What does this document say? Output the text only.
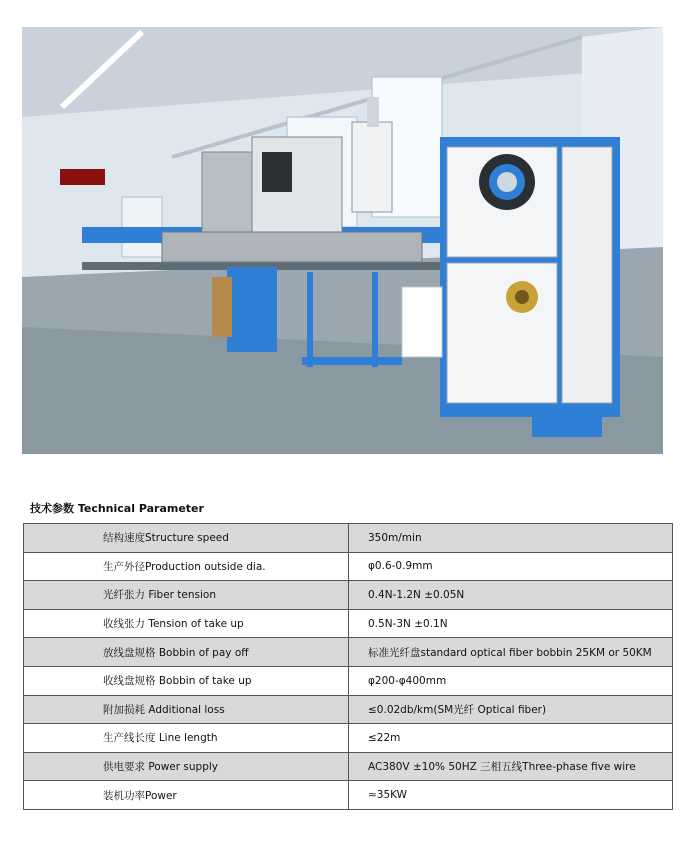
技术参数 Technical Parameter
结构速度Structure speed	350m/min
生产外径Production outside dia.	φ0.6-0.9mm
光纤张力 Fiber tension	0.4N-1.2N ±0.05N
收线张力 Tension of take up	0.5N-3N ±0.1N
放线盘规格 Bobbin of pay off	标准光纤盘standard optical fiber bobbin 25KM or 50KM
收线盘规格 Bobbin of take up	φ200-φ400mm
附加损耗 Additional loss	≤0.02db/km(SM光纤 Optical fiber)
生产线长度 Line length	≤22m
供电要求 Power supply	AC380V ±10% 50HZ 三相五线Three-phase five wire
装机功率Power	≈35KW
